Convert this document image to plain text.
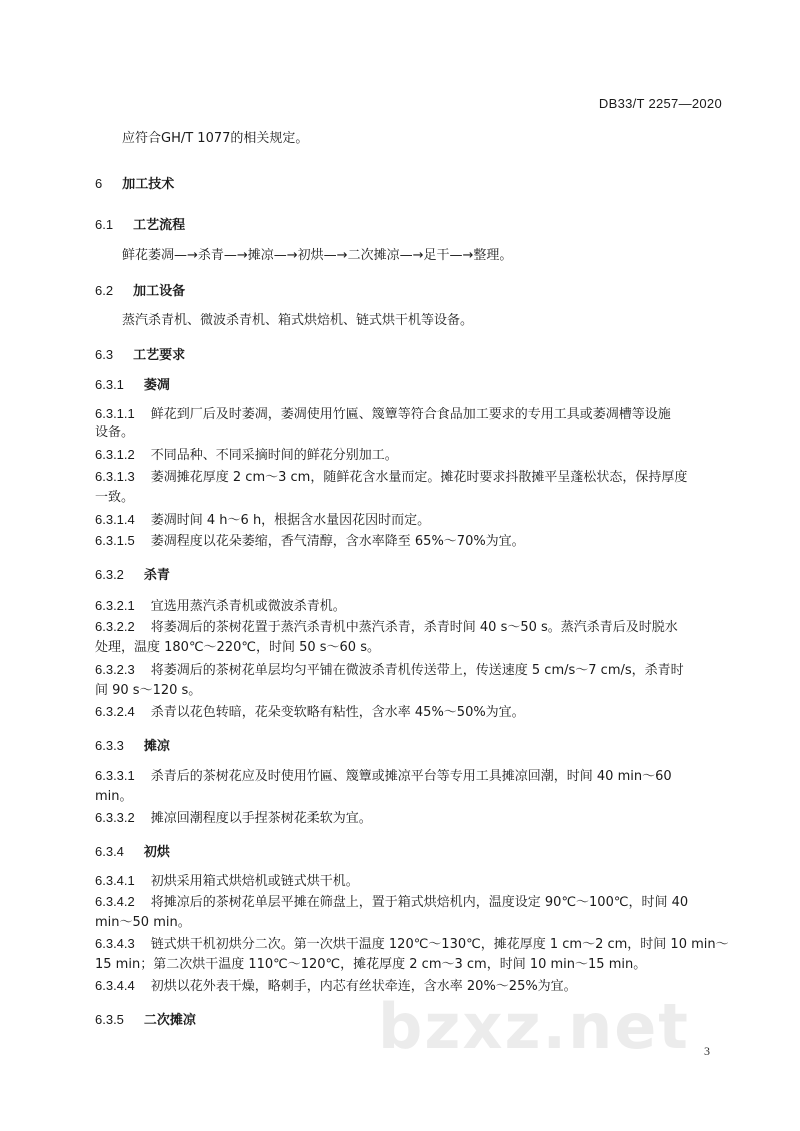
DB33/T 2257—2020
应符合GH/T 1077的相关规定。
6 加工技术
6.1 工艺流程
鲜花萎凋—→杀青—→摊凉—→初烘—→二次摊凉—→足干—→整理。
6.2 加工设备
蒸汽杀青机、微波杀青机、箱式烘焙机、链式烘干机等设备。
6.3 工艺要求
6.3.1 萎凋
6.3.1.1 鲜花到厂后及时萎凋，萎凋使用竹匾、篾簟等符合食品加工要求的专用工具或萎凋槽等设施
设备。
6.3.1.2 不同品种、不同采摘时间的鲜花分别加工。
6.3.1.3 萎凋摊花厚度 2 cm～3 cm，随鲜花含水量而定。摊花时要求抖散摊平呈蓬松状态，保持厚度
一致。
6.3.1.4 萎凋时间 4 h～6 h，根据含水量因花因时而定。
6.3.1.5 萎凋程度以花朵萎缩，香气清醇，含水率降至 65%～70%为宜。
6.3.2 杀青
6.3.2.1 宜选用蒸汽杀青机或微波杀青机。
6.3.2.2 将萎凋后的茶树花置于蒸汽杀青机中蒸汽杀青，杀青时间 40 s～50 s。蒸汽杀青后及时脱水
处理，温度 180℃～220℃，时间 50 s～60 s。
6.3.2.3 将萎凋后的茶树花单层均匀平铺在微波杀青机传送带上，传送速度 5 cm/s～7 cm/s，杀青时
间 90 s～120 s。
6.3.2.4 杀青以花色转暗，花朵变软略有粘性，含水率 45%～50%为宜。
6.3.3 摊凉
6.3.3.1 杀青后的茶树花应及时使用竹匾、篾簟或摊凉平台等专用工具摊凉回潮，时间 40 min～60
min。
6.3.3.2 摊凉回潮程度以手捏茶树花柔软为宜。
6.3.4 初烘
6.3.4.1 初烘采用箱式烘焙机或链式烘干机。
6.3.4.2 将摊凉后的茶树花单层平摊在筛盘上，置于箱式烘焙机内，温度设定 90℃～100℃，时间 40
min～50 min。
6.3.4.3 链式烘干机初烘分二次。第一次烘干温度 120℃～130℃，摊花厚度 1 cm～2 cm，时间 10 min～
15 min；第二次烘干温度 110℃～120℃，摊花厚度 2 cm～3 cm，时间 10 min～15 min。
6.3.4.4 初烘以花外表干燥，略刺手，内芯有丝状牵连，含水率 20%～25%为宜。
6.3.5 二次摊凉	bzxz.net 3
